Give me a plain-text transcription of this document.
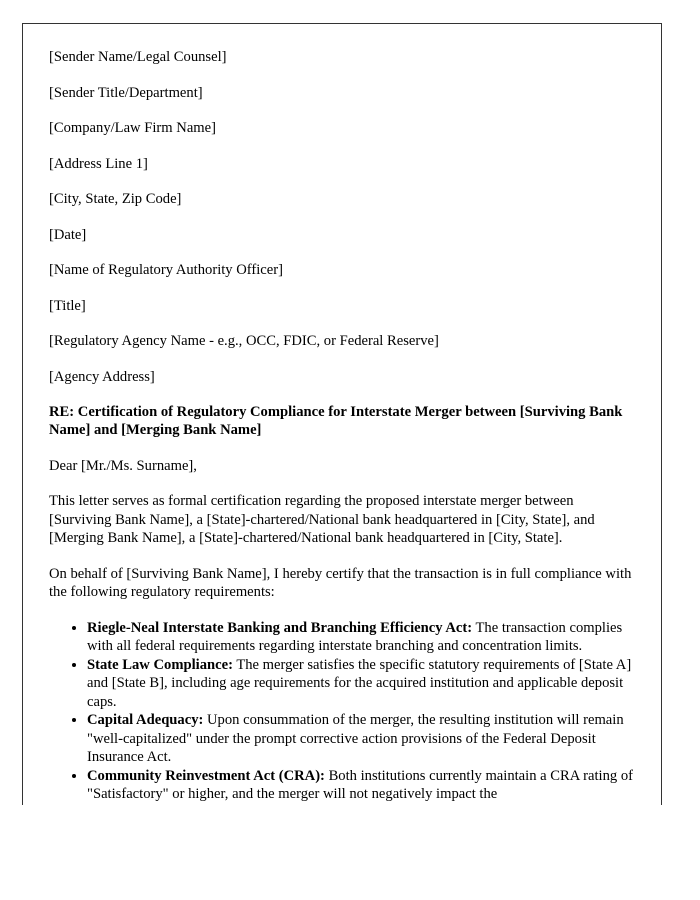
[Sender Name/Legal Counsel]

[Sender Title/Department]

[Company/Law Firm Name]

[Address Line 1]

[City, State, Zip Code]

[Date]

[Name of Regulatory Authority Officer]

[Title]

[Regulatory Agency Name - e.g., OCC, FDIC, or Federal Reserve]

[Agency Address]

RE: Certification of Regulatory Compliance for Interstate Merger between [Surviving Bank Name] and [Merging Bank Name]

Dear [Mr./Ms. Surname],

This letter serves as formal certification regarding the proposed interstate merger between [Surviving Bank Name], a [State]-chartered/National bank headquartered in [City, State], and [Merging Bank Name], a [State]-chartered/National bank headquartered in [City, State].

On behalf of [Surviving Bank Name], I hereby certify that the transaction is in full compliance with the following regulatory requirements:

• Riegle-Neal Interstate Banking and Branching Efficiency Act: The transaction complies with all federal requirements regarding interstate branching and concentration limits.
• State Law Compliance: The merger satisfies the specific statutory requirements of [State A] and [State B], including age requirements for the acquired institution and applicable deposit caps.
• Capital Adequacy: Upon consummation of the merger, the resulting institution will remain "well-capitalized" under the prompt corrective action provisions of the Federal Deposit Insurance Act.
• Community Reinvestment Act (CRA): Both institutions currently maintain a CRA rating of "Satisfactory" or higher, and the merger will not negatively impact the
